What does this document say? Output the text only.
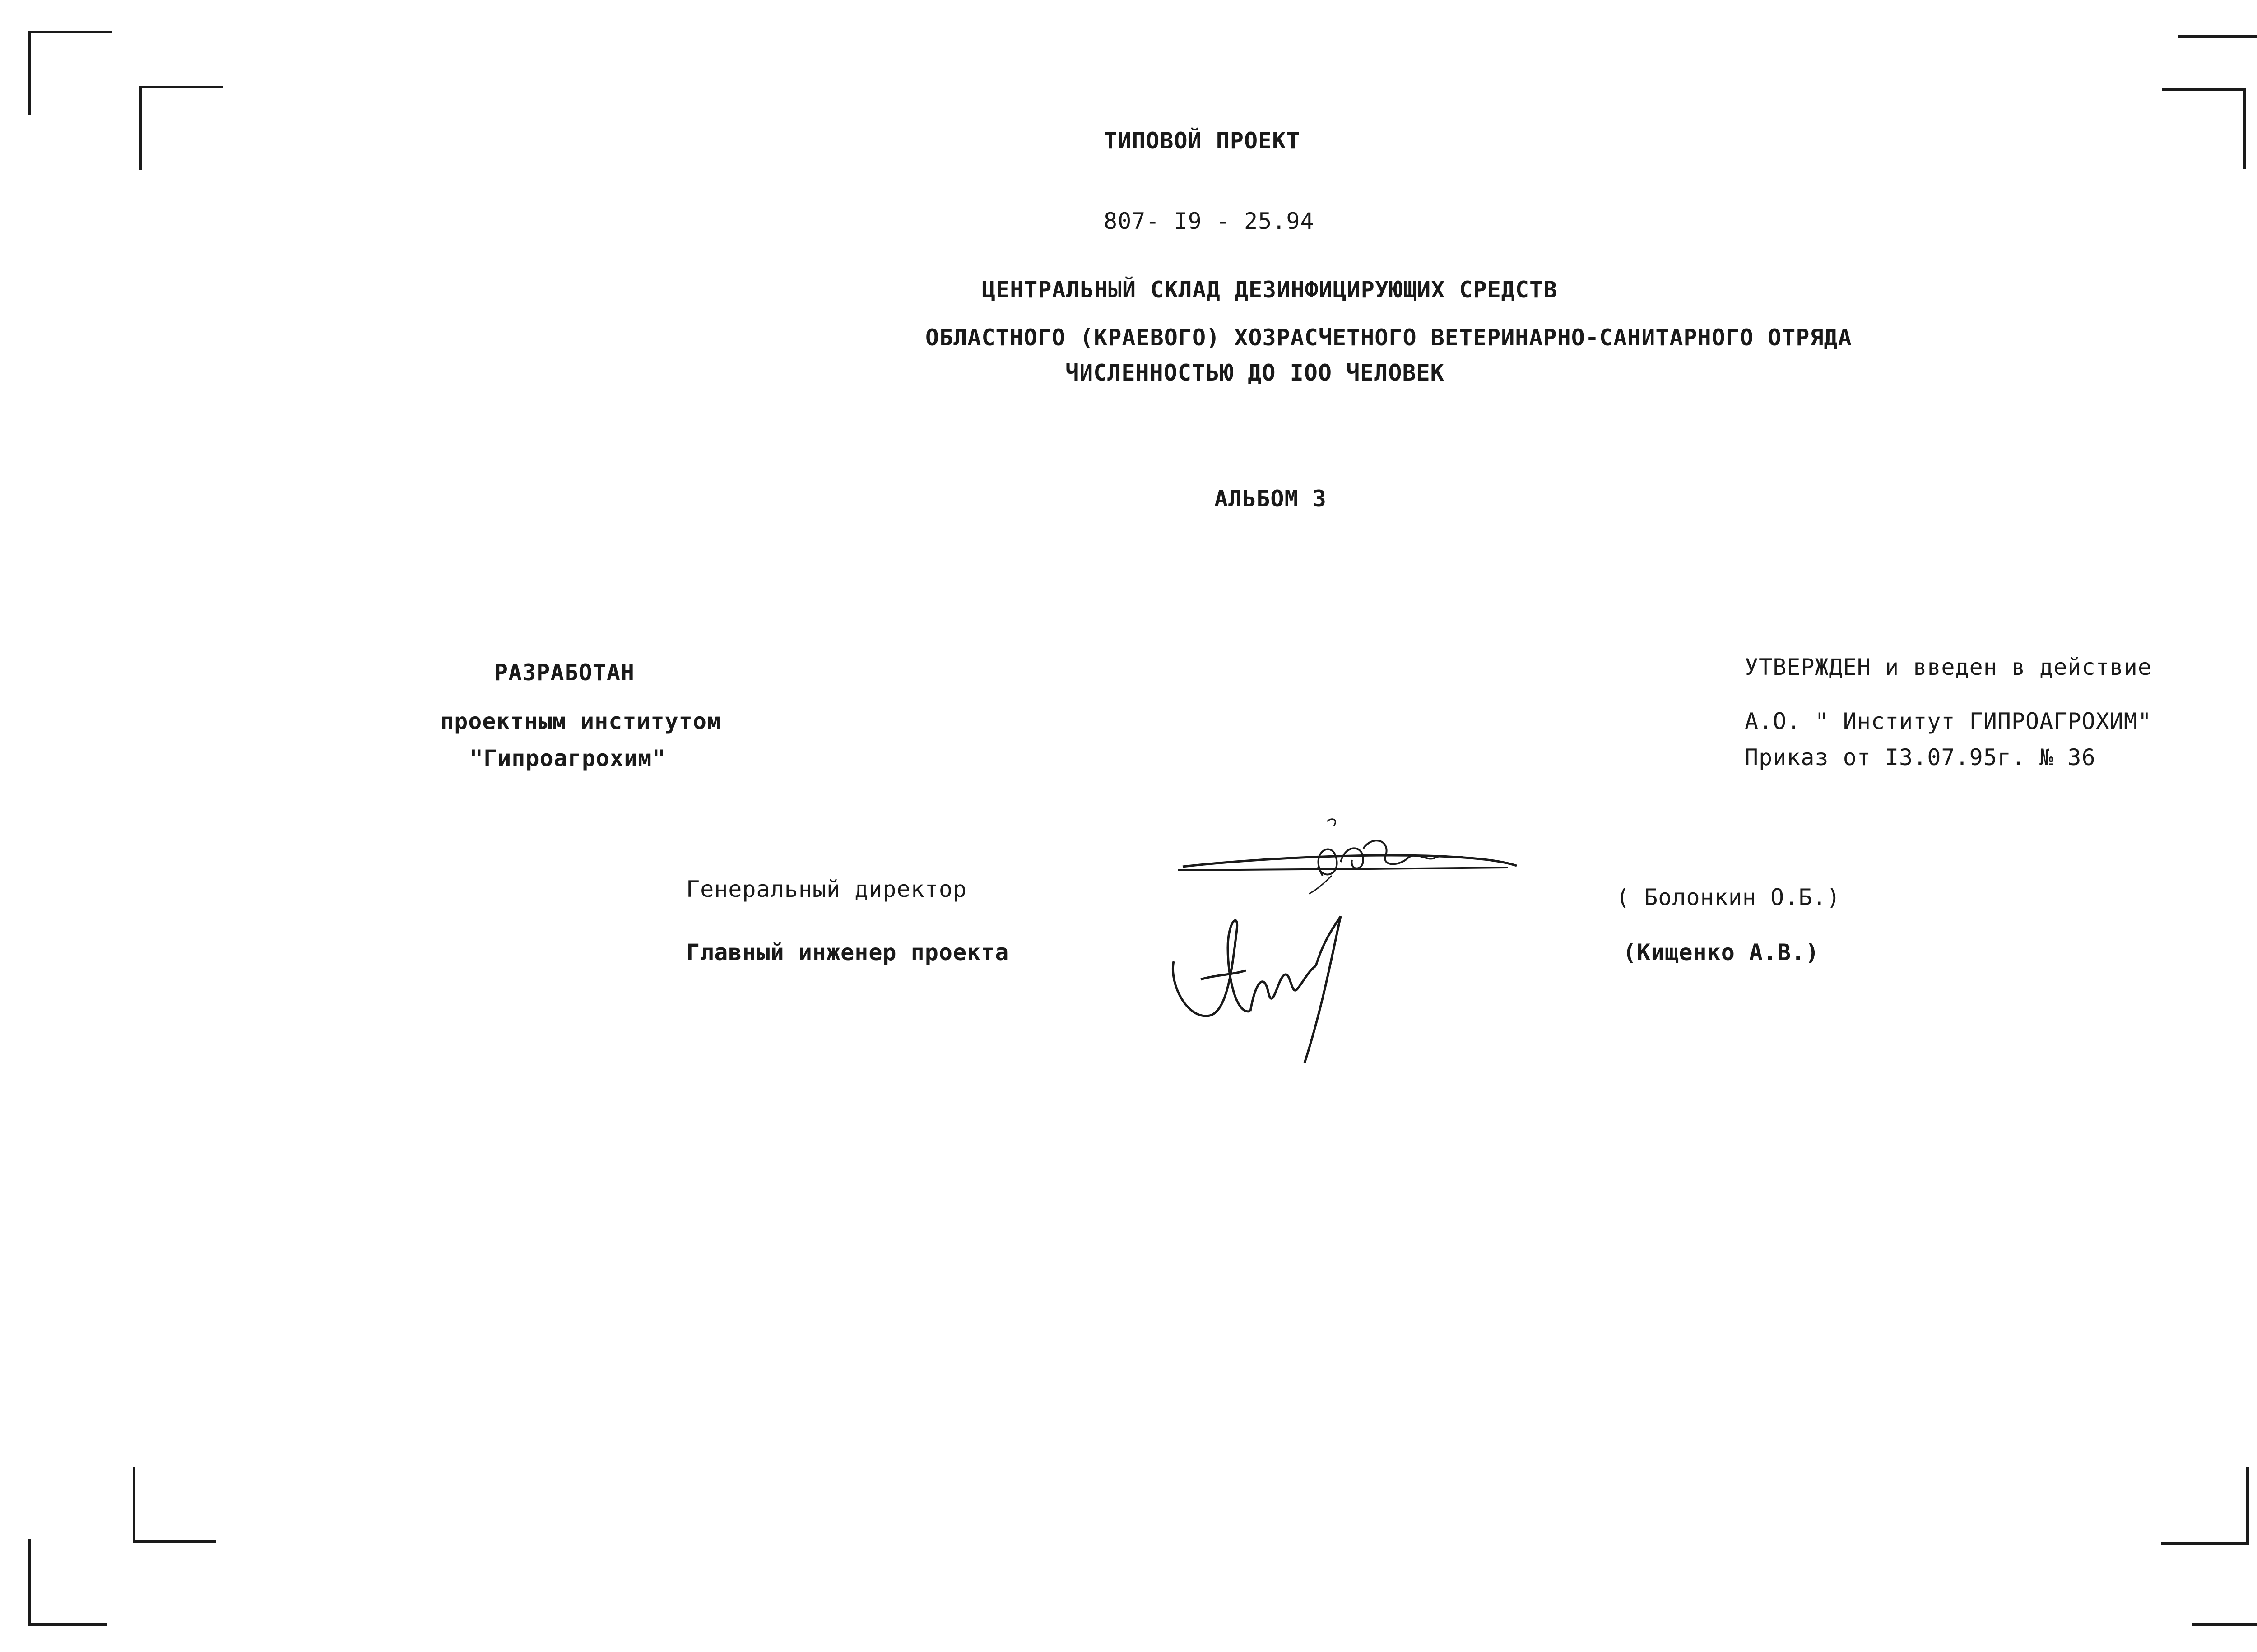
ТИПОВОЙ ПРОЕКТ
807- I9 - 25.94
ЦЕНТРАЛЬНЫЙ СКЛАД ДЕЗИНФИЦИРУЮЩИХ СРЕДСТВ
ОБЛАСТНОГО (КРАЕВОГО) ХОЗРАСЧЕТНОГО ВЕТЕРИНАРНО-САНИТАРНОГО ОТРЯДА
ЧИСЛЕННОСТЬЮ ДО IOO ЧЕЛОВЕК
АЛЬБОМ 3
РАЗРАБОТАН
проектным институтом
"Гипроагрохим"
УТВЕРЖДЕН и введен в действие
А.О. " Институт ГИПРОАГРОХИМ"
Приказ от I3.07.95г. № 36
Генеральный директор	( Болонкин О.Б.)
Главный инженер проекта	(Кищенко А.В.)
